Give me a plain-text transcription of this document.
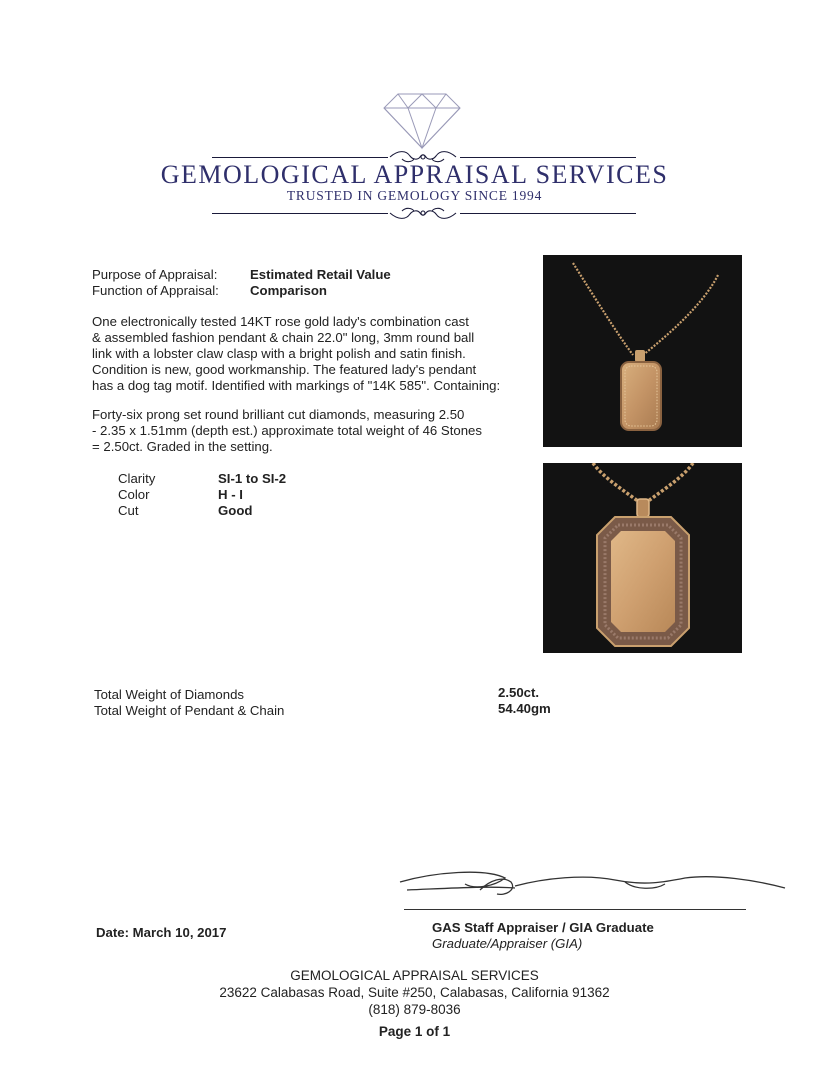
GEMOLOGICAL APPRAISAL SERVICES
TRUSTED IN GEMOLOGY SINCE 1994
Purpose of Appraisal: Estimated Retail Value
Function of Appraisal: Comparison
One electronically tested 14KT rose gold lady's combination cast
& assembled fashion pendant & chain 22.0" long, 3mm round ball
link with a lobster claw clasp with a bright polish and satin finish.
Condition is new, good workmanship. The featured lady's pendant
has a dog tag motif. Identified with markings of "14K 585". Containing:
Forty-six prong set round brilliant cut diamonds, measuring 2.50
- 2.35 x 1.51mm (depth est.) approximate total weight of 46 Stones
= 2.50ct. Graded in the setting.
Clarity	SI-1 to SI-2
Color	H - I
Cut	Good
Total Weight of Diamonds	2.50ct.
Total Weight of Pendant & Chain	54.40gm
Date: March 10, 2017	GAS Staff Appraiser / GIA Graduate
Graduate/Appraiser (GIA)
GEMOLOGICAL APPRAISAL SERVICES
23622 Calabasas Road, Suite #250, Calabasas, California 91362
(818) 879-8036
Page 1 of 1
